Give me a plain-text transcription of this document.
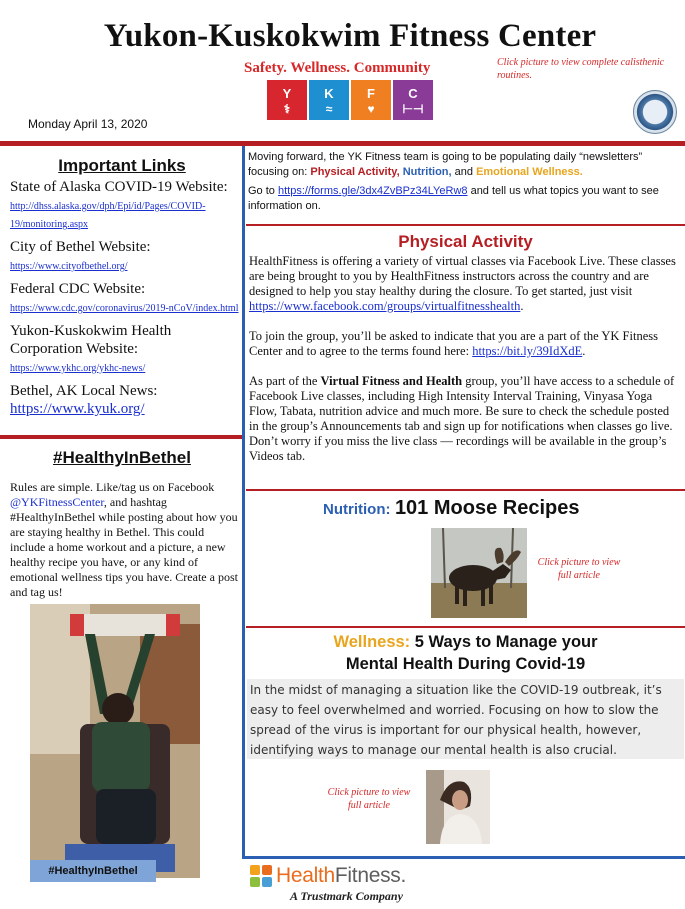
Yukon-Kuskokwim Fitness Center
Safety. Wellness. Community
Y
⚕
K
≈
F
♥
C
⊢⊣
Click picture to view complete calisthenic routines.
Monday April 13, 2020
Important Links
State of Alaska COVID-19 Website:
http://dhss.alaska.gov/dph/Epi/id/Pages/COVID-19/monitoring.aspx
City of Bethel Website:
https://www.cityofbethel.org/
Federal CDC Website:
https://www.cdc.gov/coronavirus/2019-nCoV/index.html
Yukon-Kuskokwim Health Corporation Website:
https://www.ykhc.org/ykhc-news/
Bethel, AK Local News:
https://www.kyuk.org/
#HealthyInBethel
Rules are simple. Like/tag us on Facebook @YKFitnessCenter, and hashtag #HealthyInBethel while posting about how you are staying healthy in Bethel. This could include a home workout and a picture, a new healthy recipe you have, or any kind of emotional wellness tips you have. Create a post and tag us!
#HealthyInBethel

Moving forward, the YK Fitness team is going to be populating daily “newsletters” focusing on: Physical Activity, Nutrition, and Emotional Wellness.

Go to https://forms.gle/3dx4ZvBPz34LYeRw8 and tell us what topics you want to see information on.

Physical Activity

HealthFitness is offering a variety of virtual classes via Facebook Live. These classes are being brought to you by HealthFitness instructors across the country and are designed to help you stay healthy during the closure. To get started, just visit https://www.facebook.com/groups/virtualfitnesshealth.

To join the group, you’ll be asked to indicate that you are a part of the YK Fitness Center and to agree to the terms found here: https://bit.ly/39IdXdE.

As part of the Virtual Fitness and Health group, you’ll have access to a schedule of Facebook Live classes, including High Intensity Interval Training, Vinyasa Yoga Flow, Tabata, nutrition advice and much more. Be sure to check the schedule posted in the group’s Announcements tab and sign up for notifications when classes go live. Don’t worry if you miss the live class — recordings will be available in the group’s Videos tab.

Nutrition: 101 Moose Recipes
Click picture to view full article
Wellness: 5 Ways to Manage your
Mental Health During Covid-19
In the midst of managing a situation like the COVID-19 outbreak, it’s easy to feel overwhelmed and worried. Focusing on how to slow the spread of the virus is important for our physical health, however, identifying ways to manage our mental health is also crucial.
Click picture to view full article
HealthFitness.
A Trustmark Company
